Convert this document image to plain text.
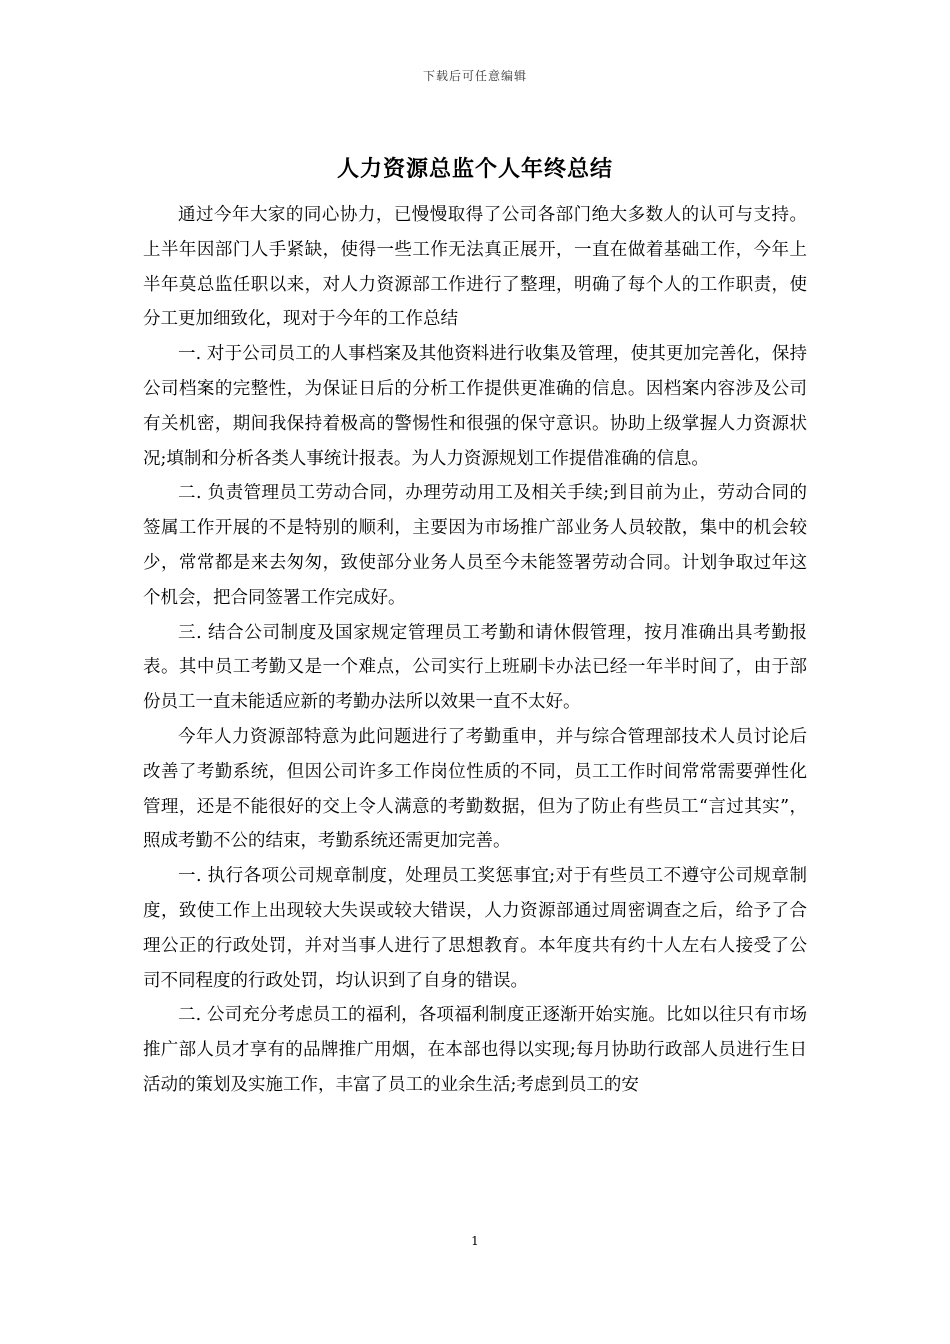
下载后可任意编辑
人力资源总监个人年终总结

通过今年大家的同心协力，已慢慢取得了公司各部门绝大多数人的认可与支持。上半年因部门人手紧缺，使得一些工作无法真正展开，一直在做着基础工作，今年上半年莫总监任职以来，对人力资源部工作进行了整理，明确了每个人的工作职责，使分工更加细致化，现对于今年的工作总结

一. 对于公司员工的人事档案及其他资料进行收集及管理，使其更加完善化，保持公司档案的完整性，为保证日后的分析工作提供更准确的信息。因档案内容涉及公司有关机密，期间我保持着极高的警惕性和很强的保守意识。协助上级掌握人力资源状况;填制和分析各类人事统计报表。为人力资源规划工作提借准确的信息。

二. 负责管理员工劳动合同，办理劳动用工及相关手续;到目前为止，劳动合同的签属工作开展的不是特别的顺利，主要因为市场推广部业务人员较散，集中的机会较少，常常都是来去匆匆，致使部分业务人员至今未能签署劳动合同。计划争取过年这个机会，把合同签署工作完成好。

三. 结合公司制度及国家规定管理员工考勤和请休假管理，按月准确出具考勤报表。其中员工考勤又是一个难点，公司实行上班刷卡办法已经一年半时间了，由于部份员工一直未能适应新的考勤办法所以效果一直不太好。

今年人力资源部特意为此问题进行了考勤重申，并与综合管理部技术人员讨论后改善了考勤系统，但因公司许多工作岗位性质的不同，员工工作时间常常需要弹性化管理，还是不能很好的交上令人满意的考勤数据，但为了防止有些员工“言过其实”，照成考勤不公的结束，考勤系统还需更加完善。

一. 执行各项公司规章制度，处理员工奖惩事宜;对于有些员工不遵守公司规章制度，致使工作上出现较大失误或较大错误，人力资源部通过周密调查之后，给予了合理公正的行政处罚，并对当事人进行了思想教育。本年度共有约十人左右人接受了公司不同程度的行政处罚，均认识到了自身的错误。

二. 公司充分考虑员工的福利，各项福利制度正逐渐开始实施。比如以往只有市场推广部人员才享有的品牌推广用烟，在本部也得以实现;每月协助行政部人员进行生日活动的策划及实施工作，丰富了员工的业余生活;考虑到员工的安

1
